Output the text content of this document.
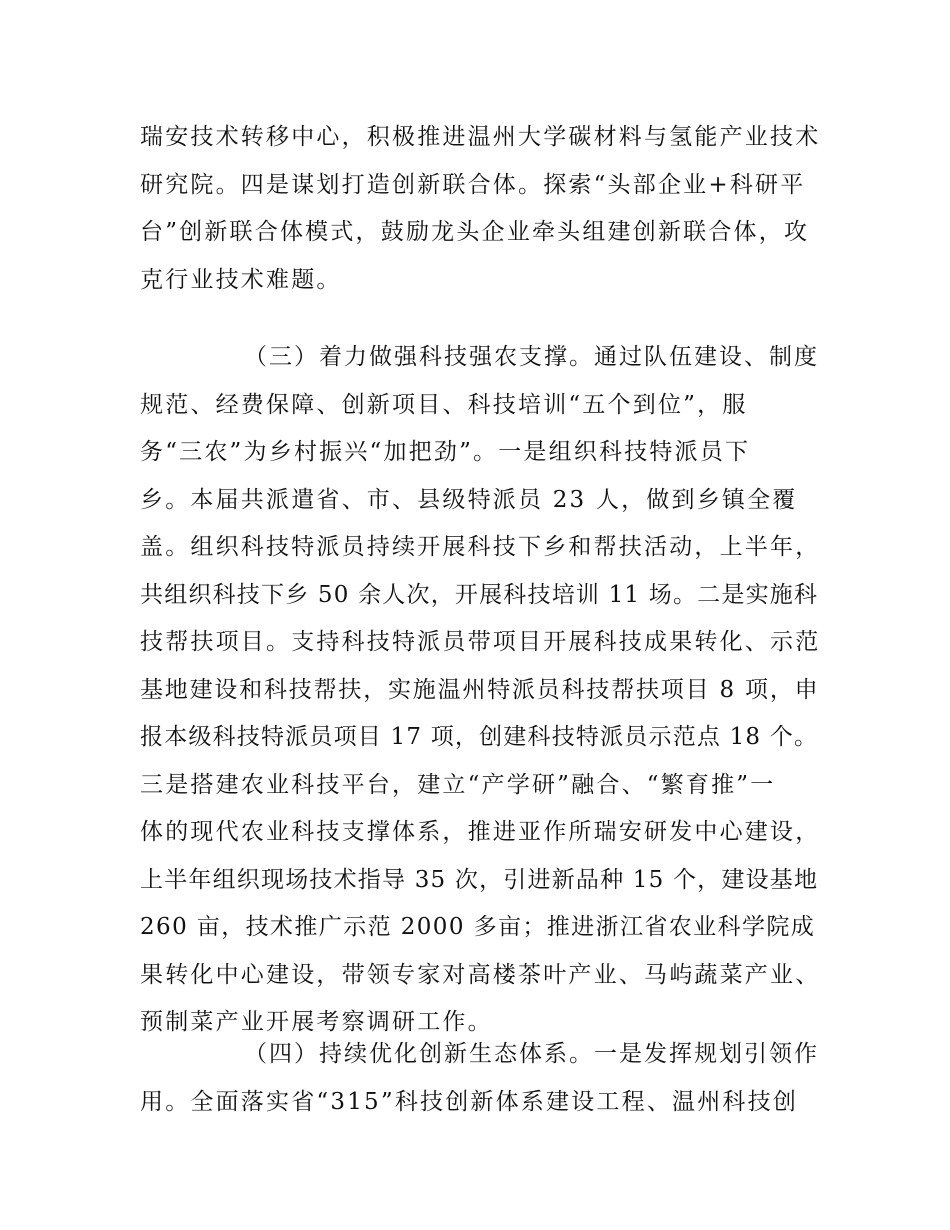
瑞安技术转移中心，积极推进温州大学碳材料与氢能产业技术
研究院。四是谋划打造创新联合体。探索“头部企业+科研平
台”创新联合体模式，鼓励龙头企业牵头组建创新联合体，攻
克行业技术难题。
（三）着力做强科技强农支撑。通过队伍建设、制度
规范、经费保障、创新项目、科技培训“五个到位”，服
务“三农”为乡村振兴“加把劲”。一是组织科技特派员下
乡。本届共派遣省、市、县级特派员 23 人，做到乡镇全覆
盖。组织科技特派员持续开展科技下乡和帮扶活动，上半年，
共组织科技下乡 50 余人次，开展科技培训 11 场。二是实施科
技帮扶项目。支持科技特派员带项目开展科技成果转化、示范
基地建设和科技帮扶，实施温州特派员科技帮扶项目 8 项，申
报本级科技特派员项目 17 项，创建科技特派员示范点 18 个。
三是搭建农业科技平台，建立“产学研”融合、“繁育推”一
体的现代农业科技支撑体系，推进亚作所瑞安研发中心建设，
上半年组织现场技术指导 35 次，引进新品种 15 个，建设基地
260 亩，技术推广示范 2000 多亩；推进浙江省农业科学院成
果转化中心建设，带领专家对高楼茶叶产业、马屿蔬菜产业、
预制菜产业开展考察调研工作。
（四）持续优化创新生态体系。一是发挥规划引领作
用。全面落实省“315”科技创新体系建设工程、温州科技创
